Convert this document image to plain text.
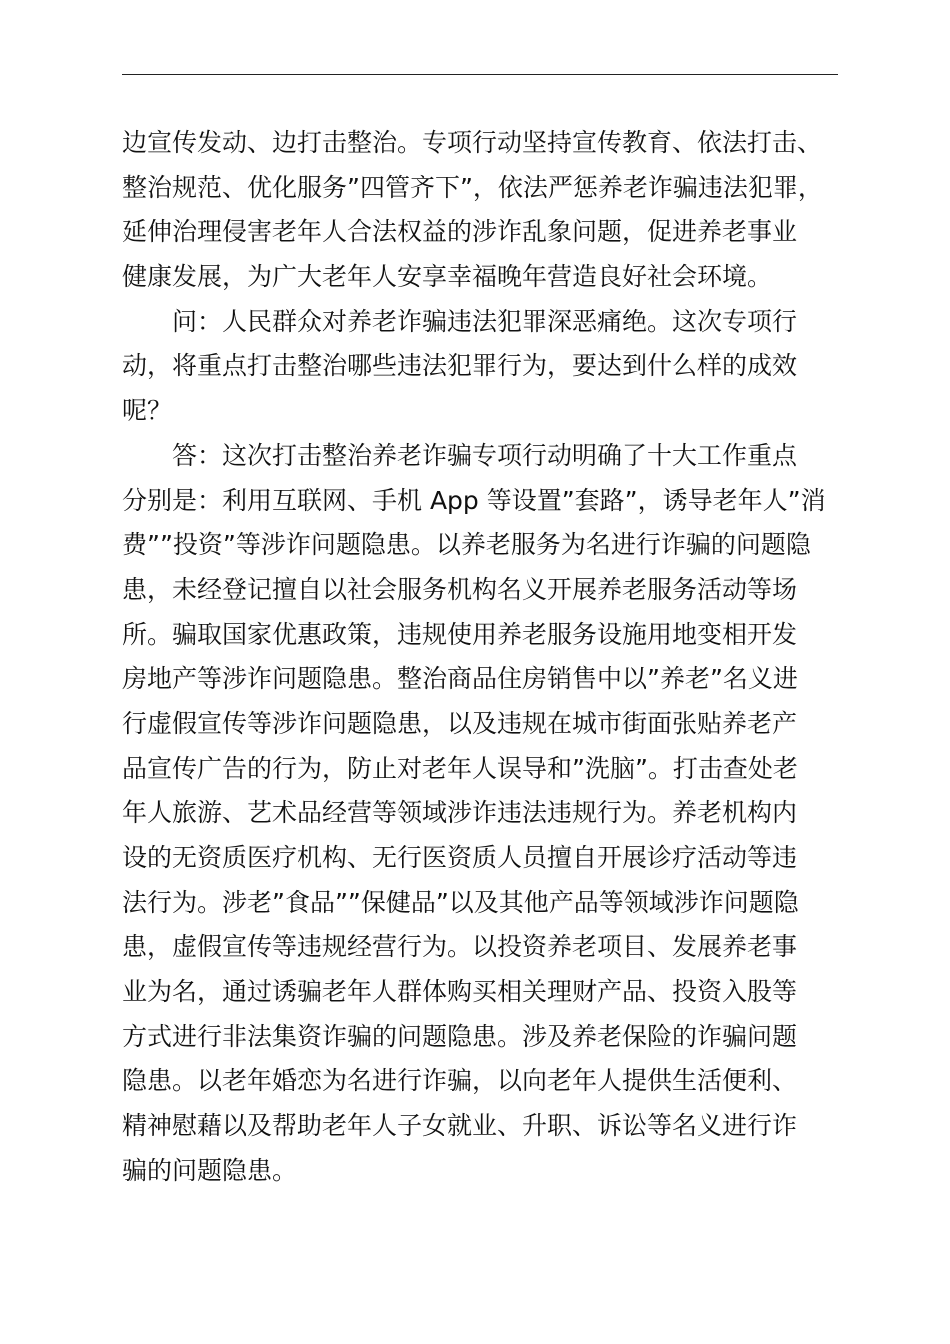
边宣传发动、边打击整治。专项行动坚持宣传教育、依法打击、
整治规范、优化服务”四管齐下”，依法严惩养老诈骗违法犯罪，
延伸治理侵害老年人合法权益的涉诈乱象问题，促进养老事业
健康发展，为广大老年人安享幸福晚年营造良好社会环境。

问：人民群众对养老诈骗违法犯罪深恶痛绝。这次专项行
动，将重点打击整治哪些违法犯罪行为，要达到什么样的成效
呢？

答：这次打击整治养老诈骗专项行动明确了十大工作重点
分别是：利用互联网、手机 App 等设置”套路”，诱导老年人”消
费””投资”等涉诈问题隐患。以养老服务为名进行诈骗的问题隐
患，未经登记擅自以社会服务机构名义开展养老服务活动等场
所。骗取国家优惠政策，违规使用养老服务设施用地变相开发
房地产等涉诈问题隐患。整治商品住房销售中以”养老”名义进
行虚假宣传等涉诈问题隐患，以及违规在城市街面张贴养老产
品宣传广告的行为，防止对老年人误导和”洗脑”。打击查处老
年人旅游、艺术品经营等领域涉诈违法违规行为。养老机构内
设的无资质医疗机构、无行医资质人员擅自开展诊疗活动等违
法行为。涉老”食品””保健品”以及其他产品等领域涉诈问题隐
患，虚假宣传等违规经营行为。以投资养老项目、发展养老事
业为名，通过诱骗老年人群体购买相关理财产品、投资入股等
方式进行非法集资诈骗的问题隐患。涉及养老保险的诈骗问题
隐患。以老年婚恋为名进行诈骗，以向老年人提供生活便利、
精神慰藉以及帮助老年人子女就业、升职、诉讼等名义进行诈
骗的问题隐患。
